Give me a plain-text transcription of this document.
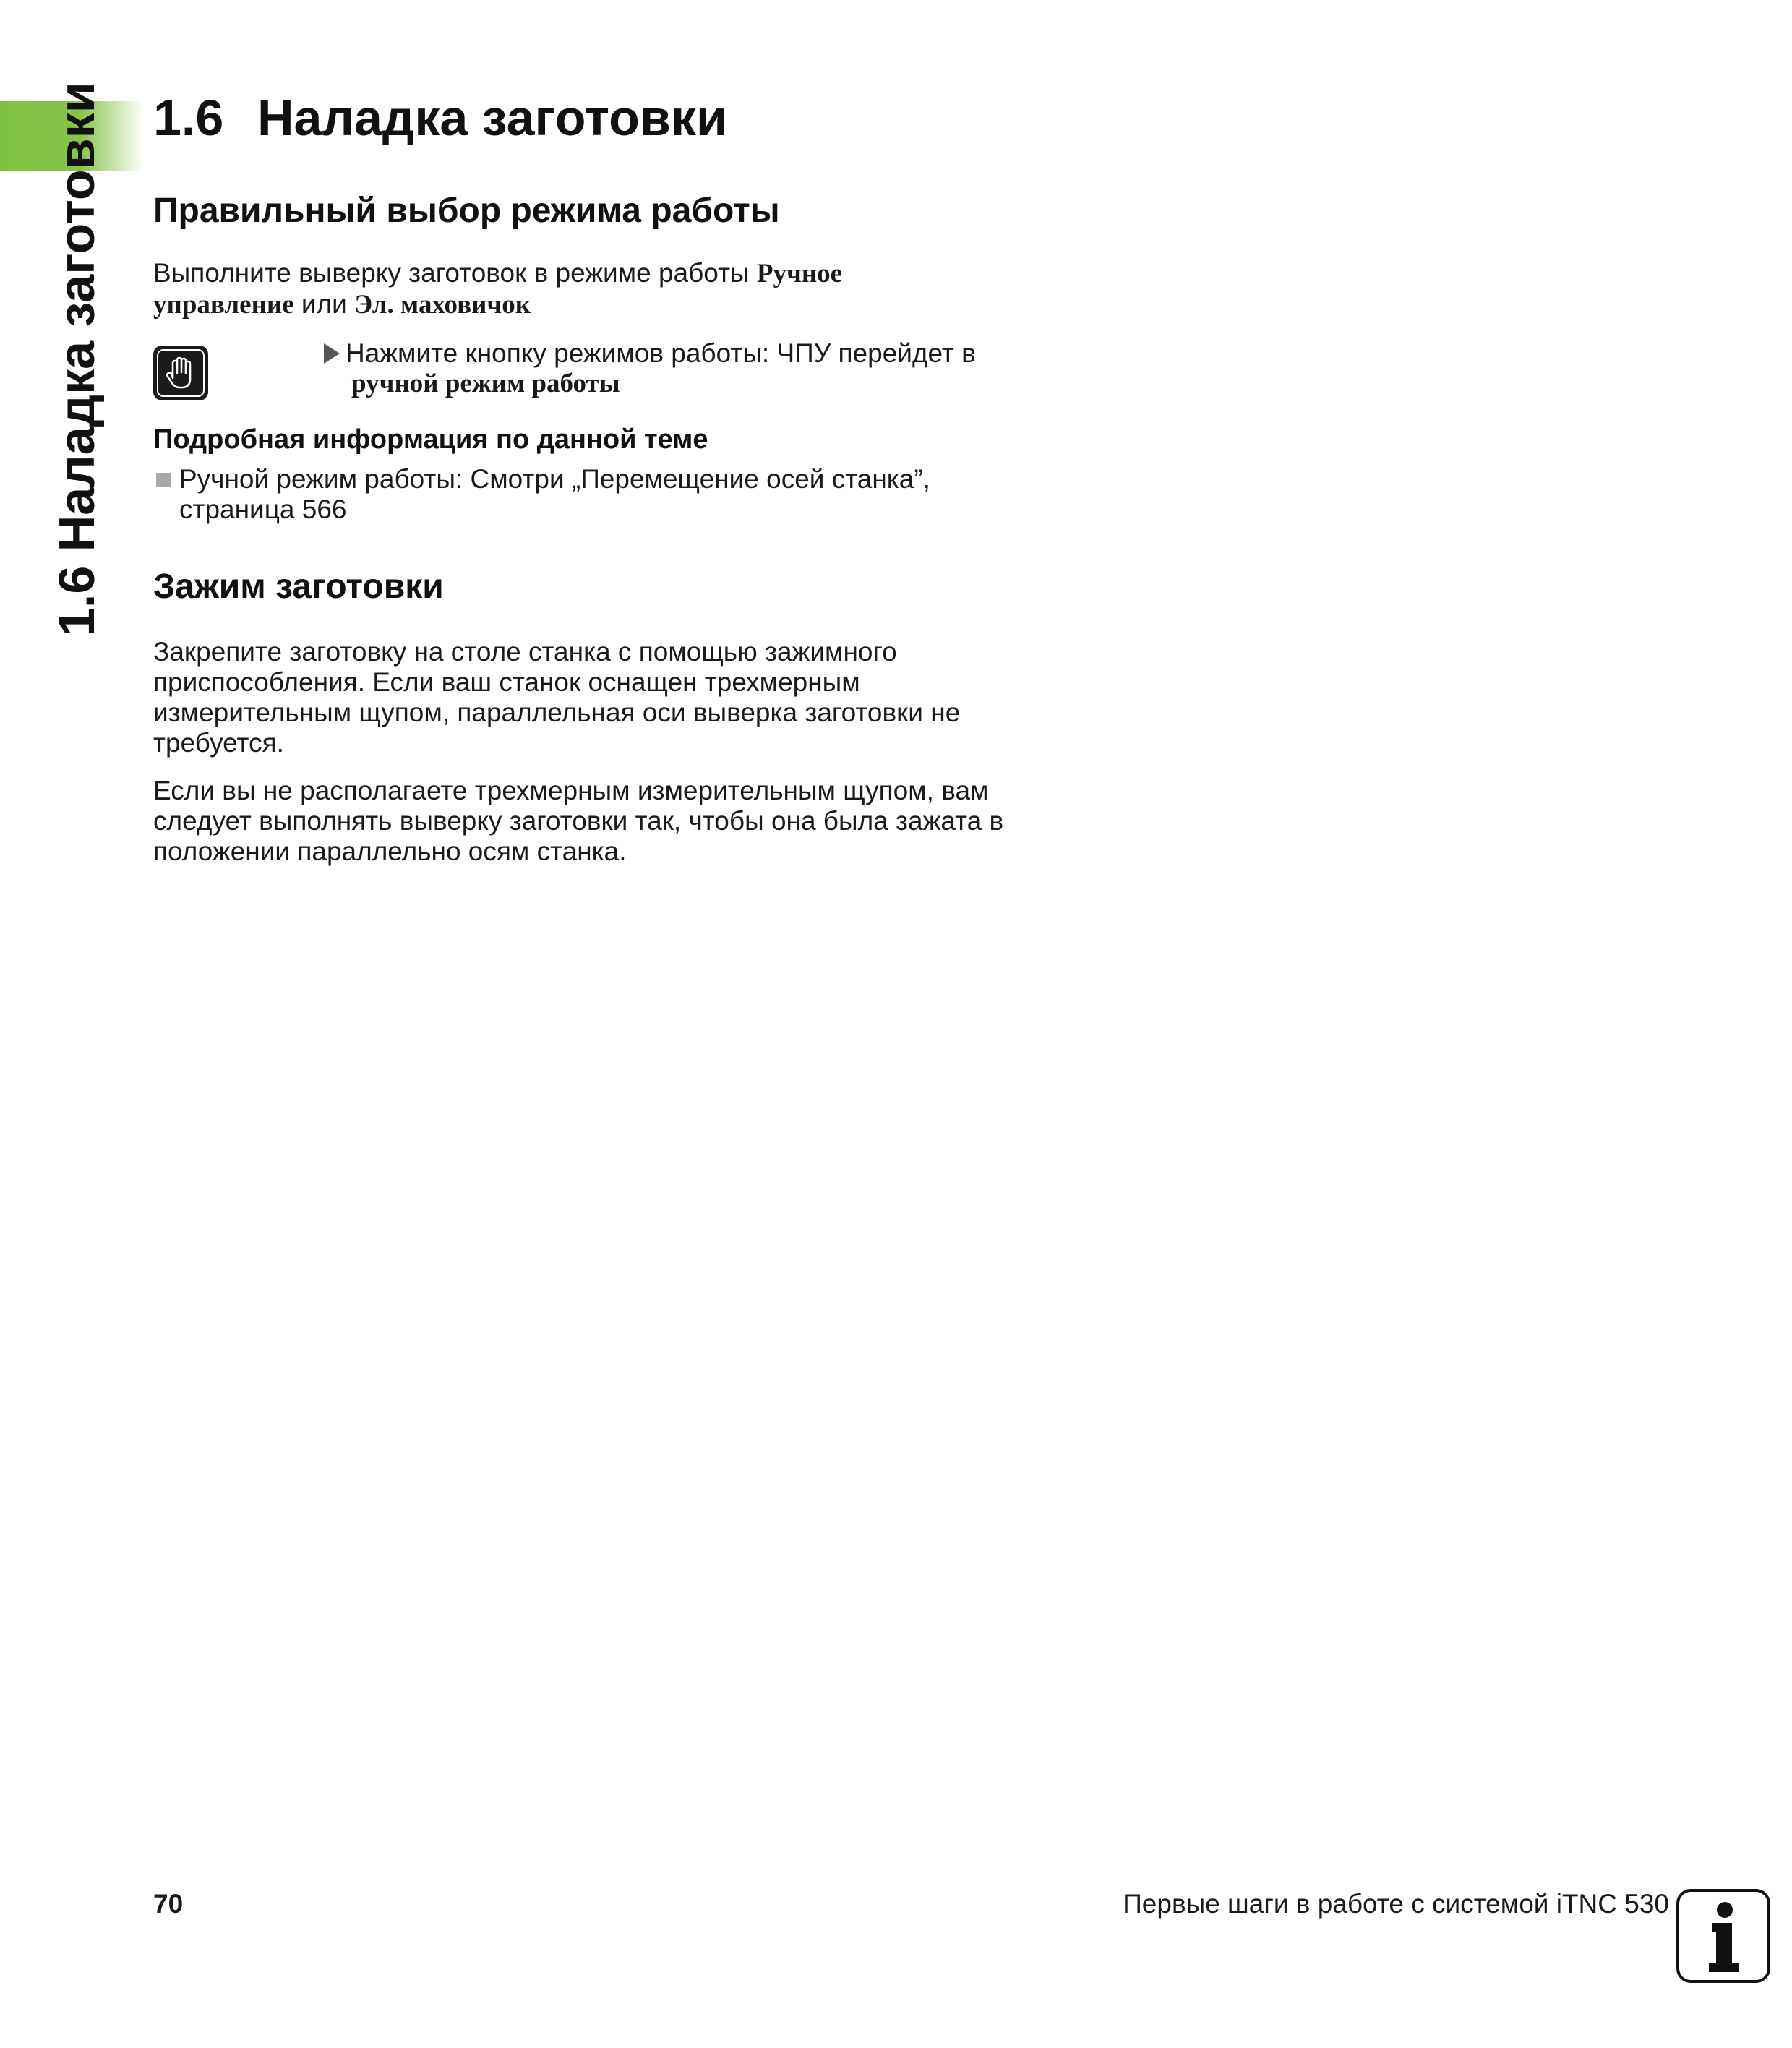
1.6 Наладка заготовки 1.6 Наладка заготовки
Правильный выбор режима работы
Выполните выверку заготовок в режиме работы Ручное управление или Эл. маховичок
Нажмите кнопку режимов работы: ЧПУ перейдет в
ручной режим работы
Подробная информация по данной теме
Ручной режим работы: Смотри „Перемещение осей станка”, страница 566
Зажим заготовки

Закрепите заготовку на столе станка с помощью зажимного приспособления. Если ваш станок оснащен трехмерным измерительным щупом, параллельная оси выверка заготовки не требуется.

Если вы не располагаете трехмерным измерительным щупом, вам следует выполнять выверку заготовки так, чтобы она была зажата в положении параллельно осям станка.

70	Первые шаги в работе с системой iTNC 530
